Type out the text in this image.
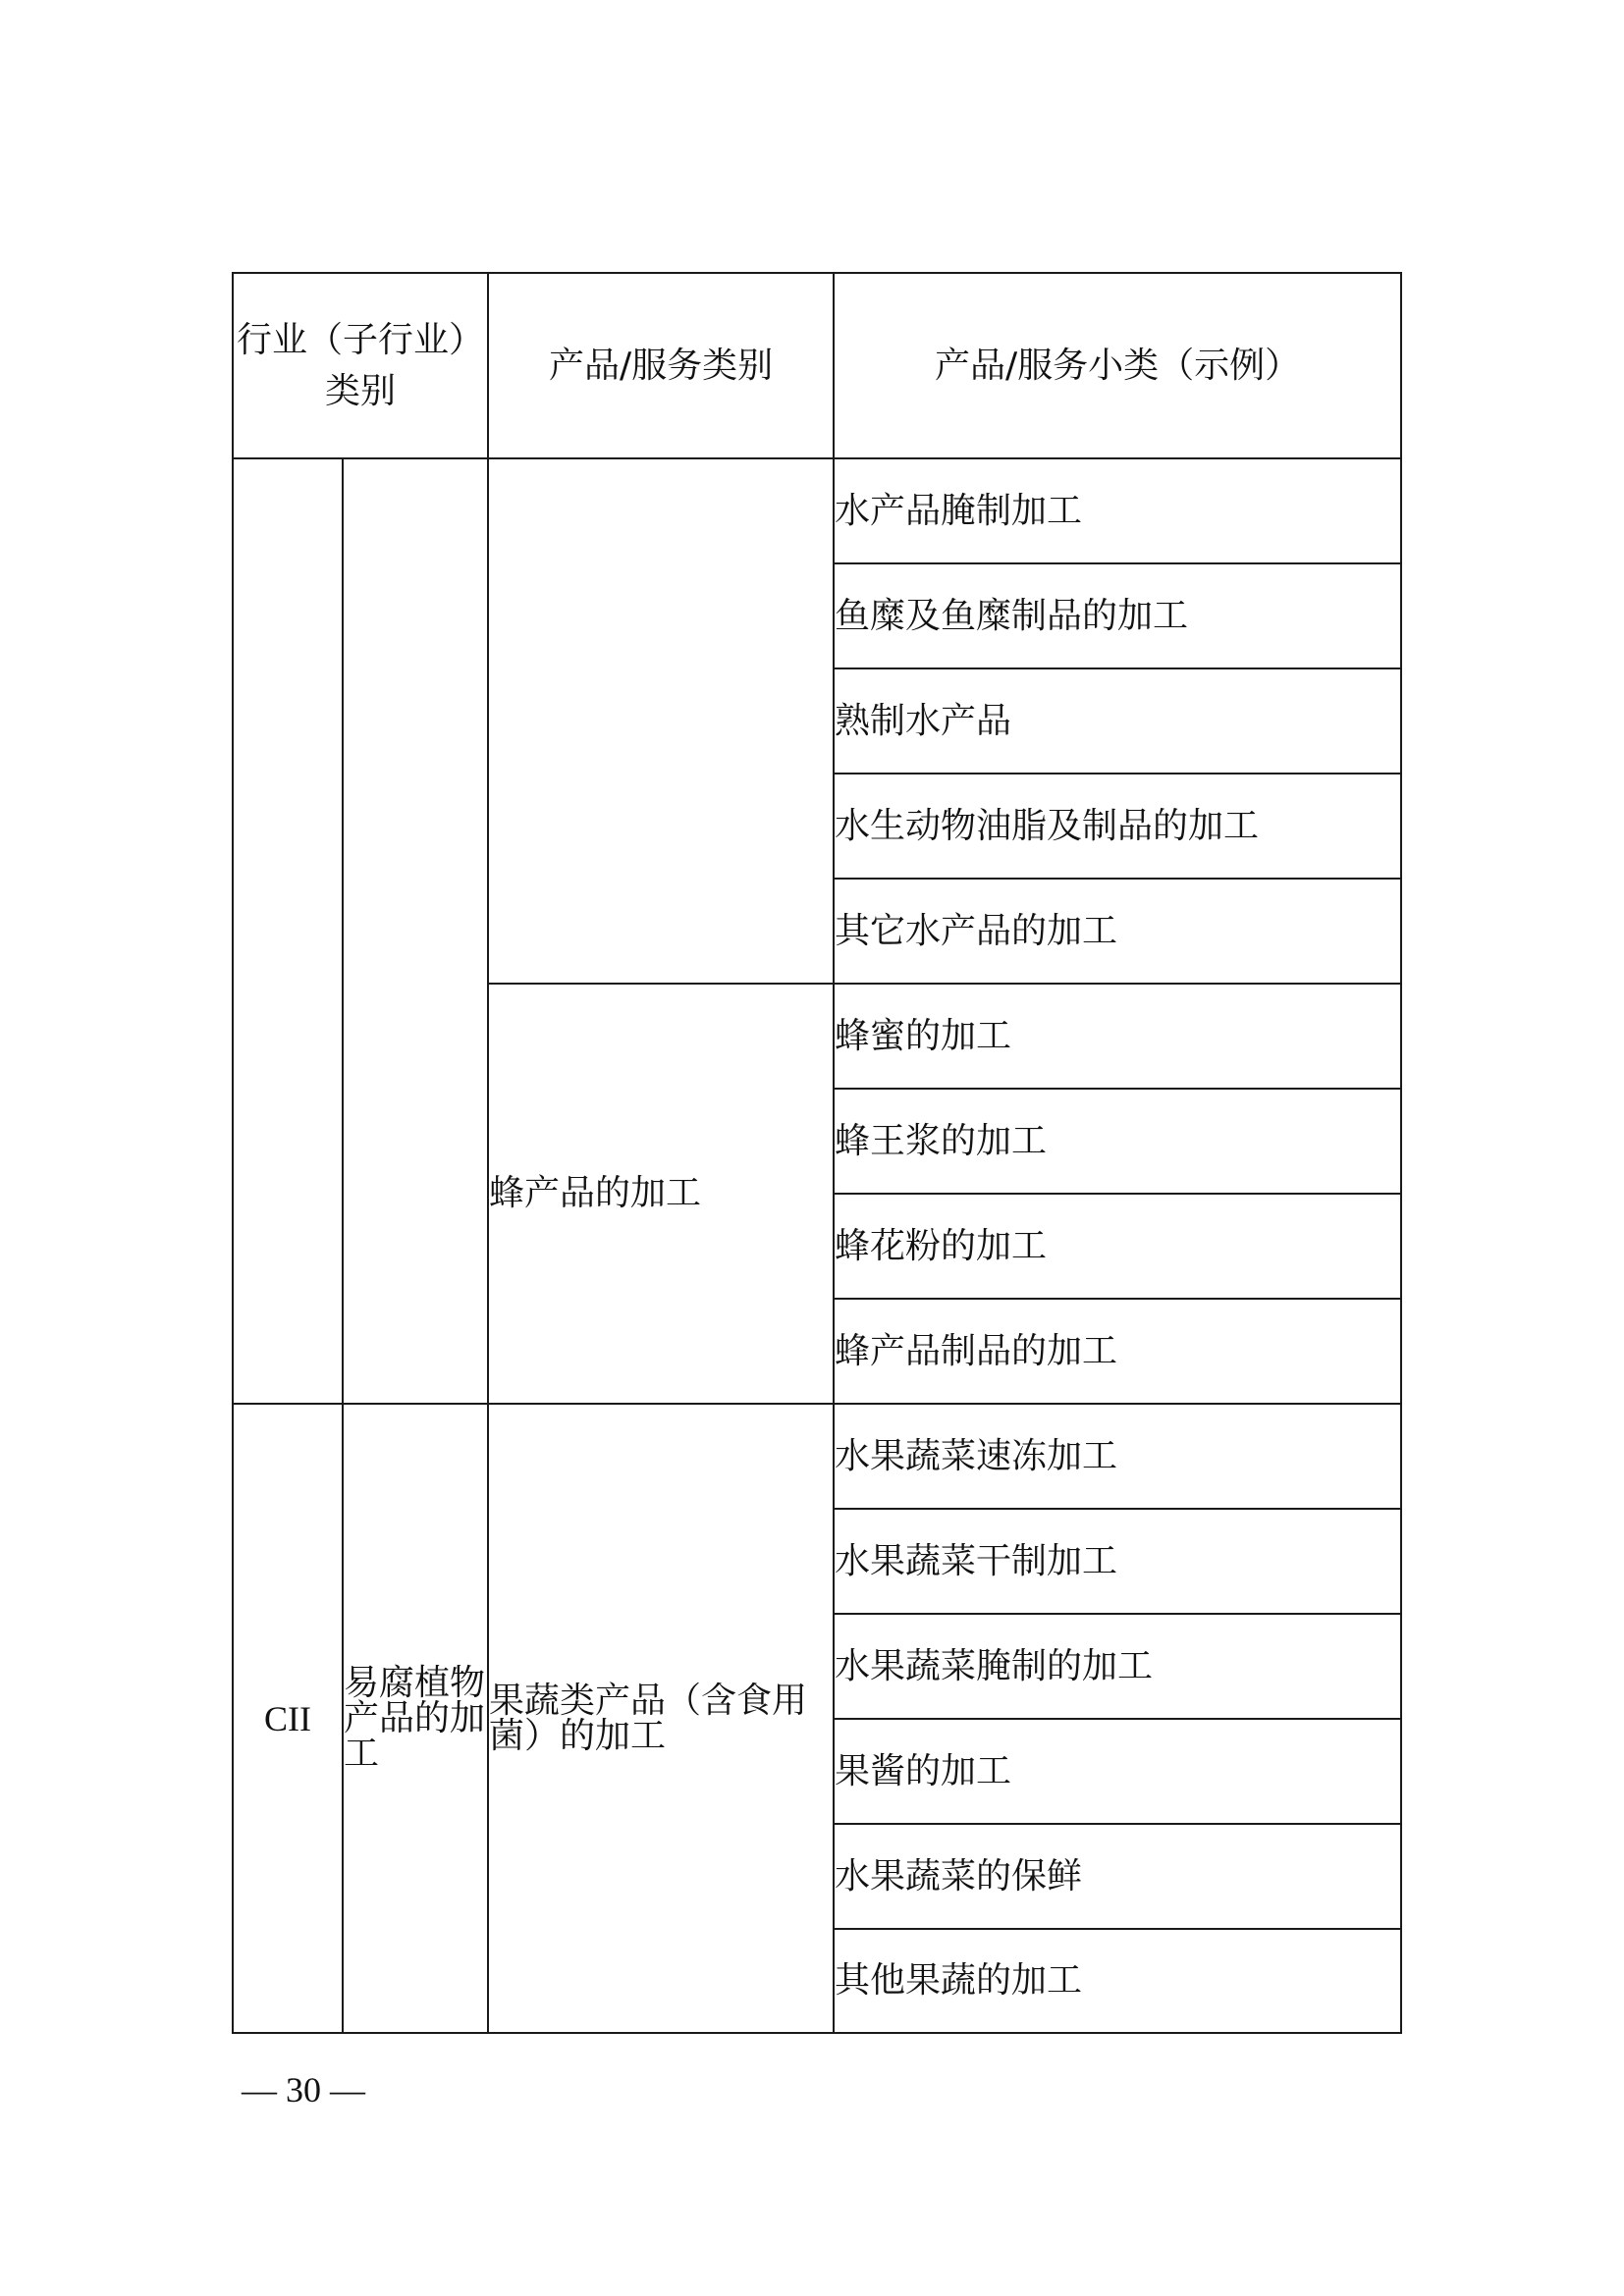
行业（子行业）
类别		产品/服务类别	产品/服务小类（示例）
			水产品腌制加工
			鱼糜及鱼糜制品的加工
			熟制水产品
			水生动物油脂及制品的加工
			其它水产品的加工
		蜂产品的加工	蜂蜜的加工
			蜂王浆的加工
			蜂花粉的加工
			蜂产品制品的加工
CII	易腐植物产品的加工	果蔬类产品（含食用菌）的加工	水果蔬菜速冻加工
			水果蔬菜干制加工
			水果蔬菜腌制的加工
			果酱的加工
			水果蔬菜的保鲜
			其他果蔬的加工
— 30 —
